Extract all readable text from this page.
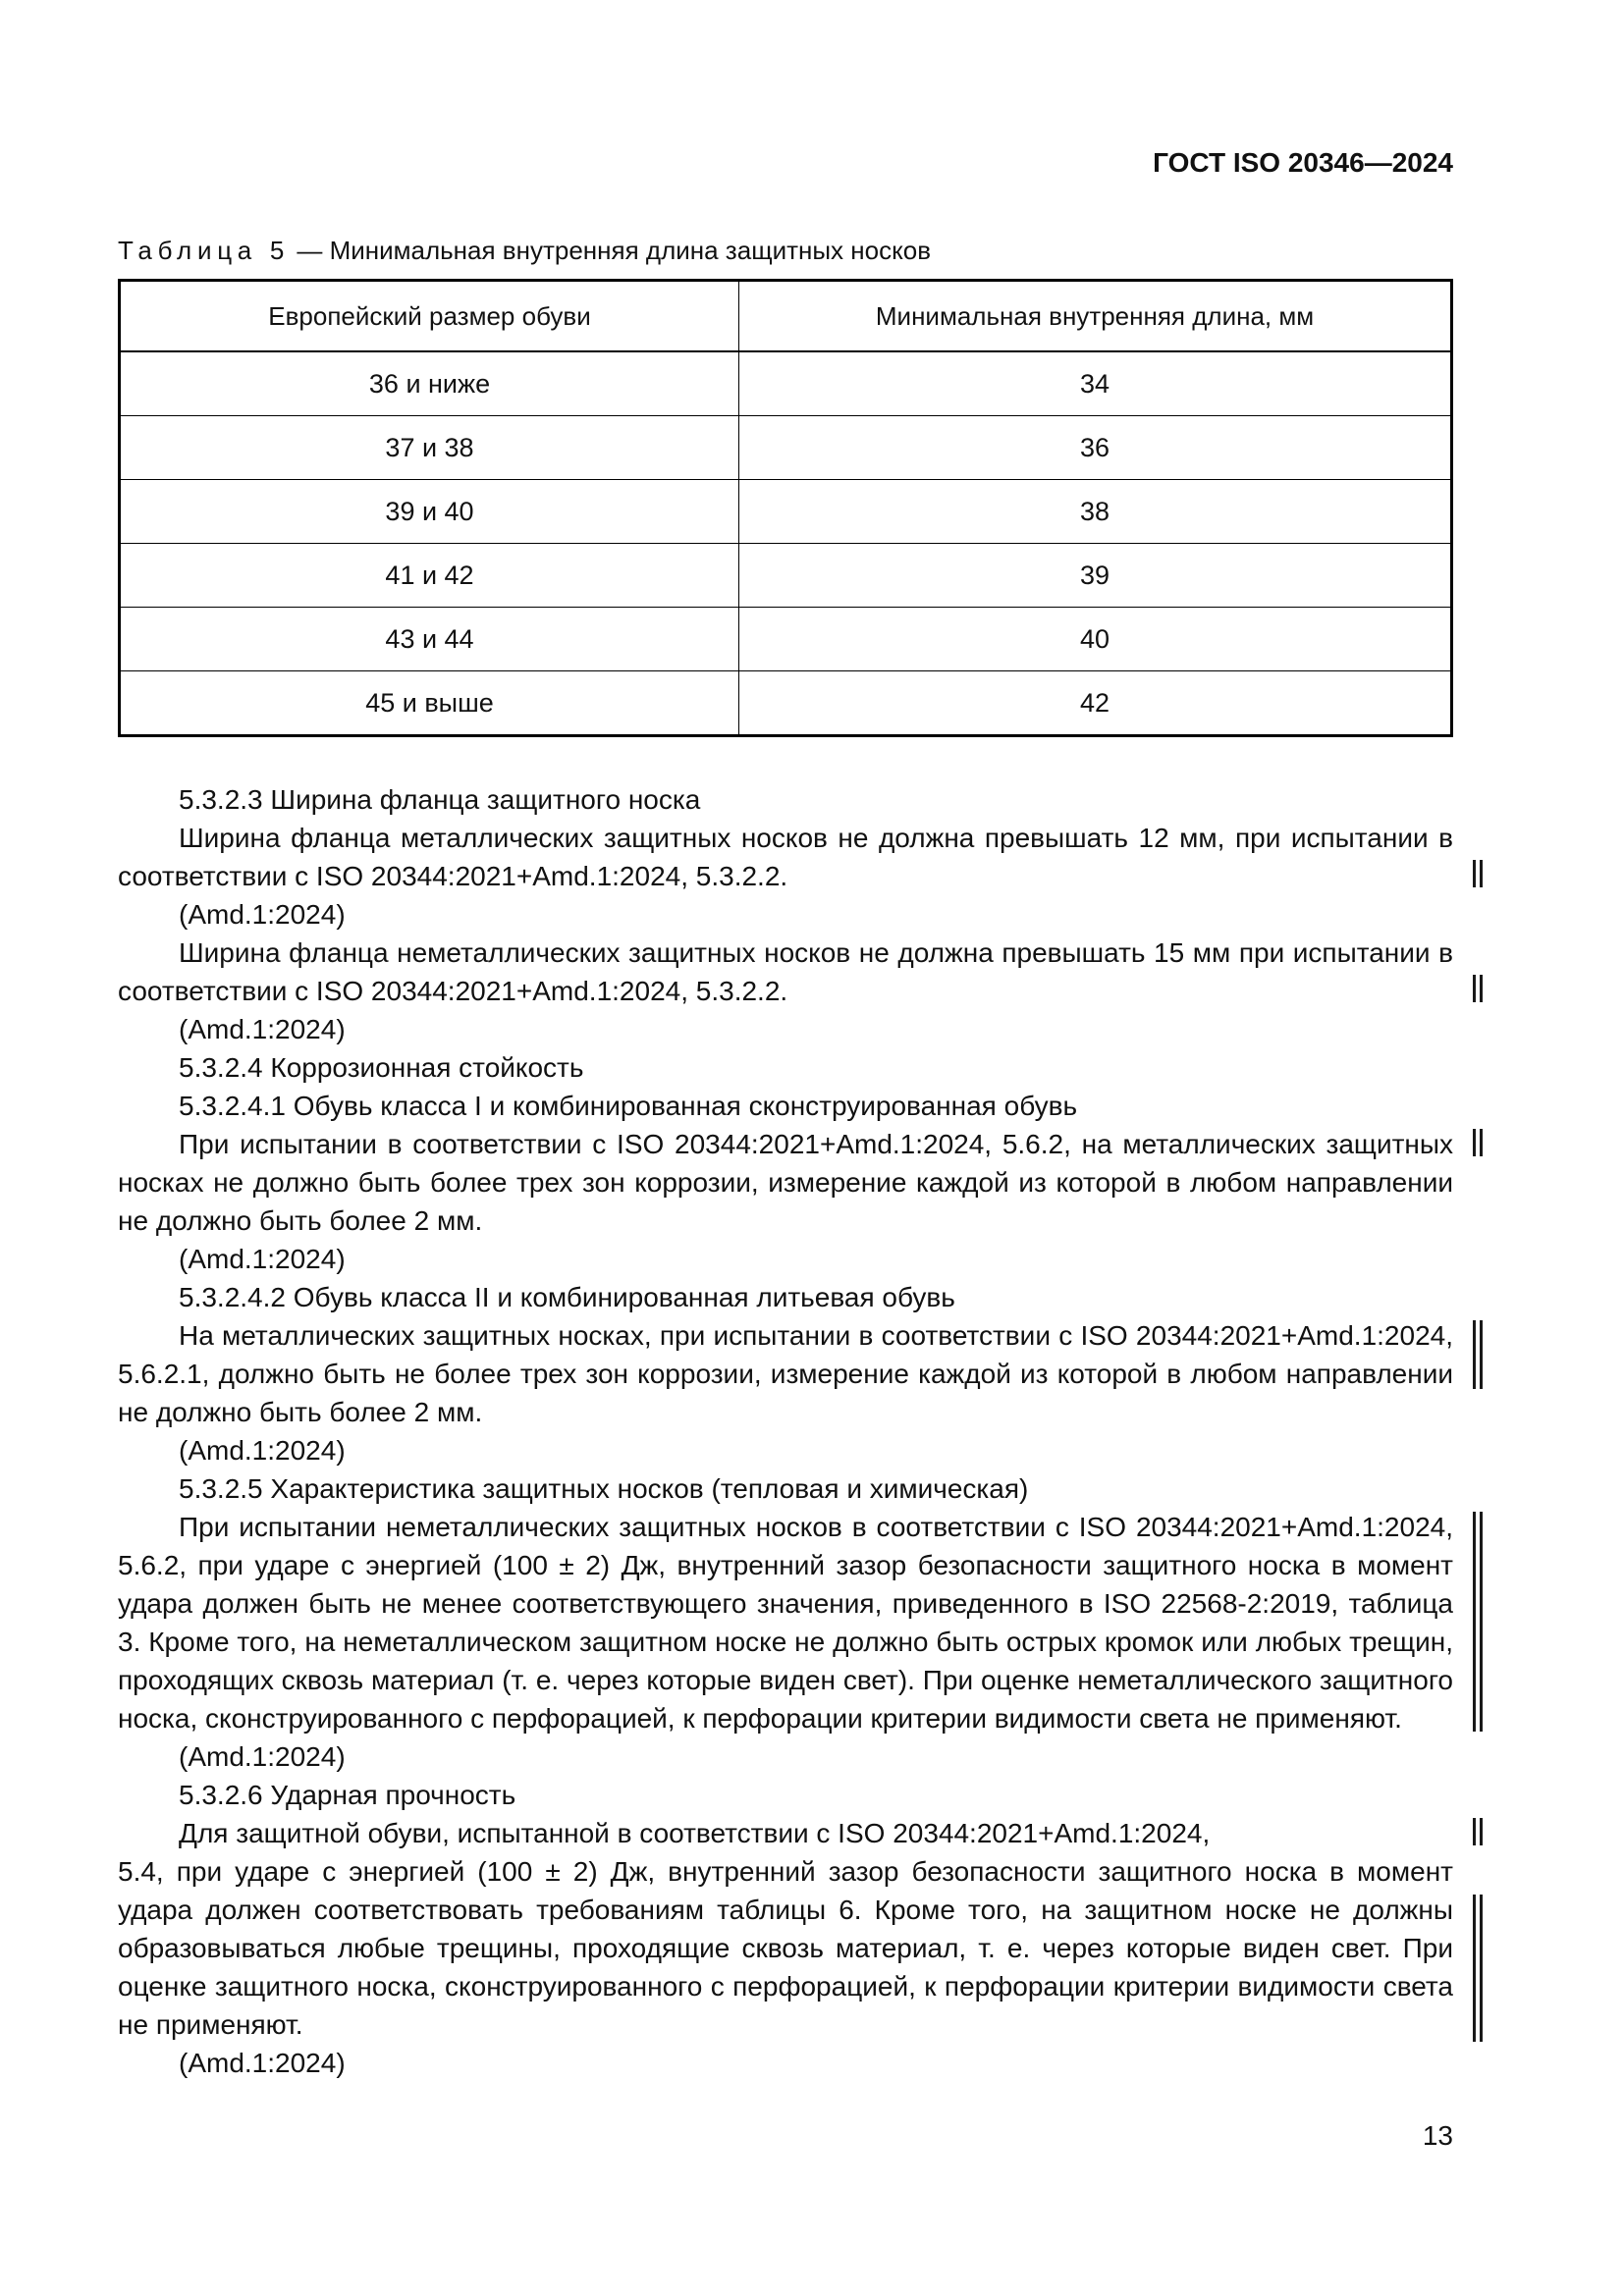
ГОСТ ISO 20346—2024
Таблица 5 — Минимальная внутренняя длина защитных носков
Европейский размер обуви	Минимальная внутренняя длина, мм
36 и ниже	34
37 и 38	36
39 и 40	38
41 и 42	39
43 и 44	40
45 и выше	42

5.3.2.3 Ширина фланца защитного носка

Ширина фланца металлических защитных носков не должна превышать 12 мм, при испытании в соответствии с ISO 20344:2021+Amd.1:2024, 5.3.2.2.

(Amd.1:2024)

Ширина фланца неметаллических защитных носков не должна превышать 15 мм при испытании в соответствии с ISO 20344:2021+Amd.1:2024, 5.3.2.2.

(Amd.1:2024)

5.3.2.4 Коррозионная стойкость

5.3.2.4.1 Обувь класса I и комбинированная сконструированная обувь

При испытании в соответствии с ISO 20344:2021+Amd.1:2024, 5.6.2, на металлических защитных носках не должно быть более трех зон коррозии, измерение каждой из которой в любом направлении не должно быть более 2 мм.

(Amd.1:2024)

5.3.2.4.2 Обувь класса II и комбинированная литьевая обувь

На металлических защитных носках, при испытании в соответствии с ISO 20344:2021+Amd.1:2024, 5.6.2.1, должно быть не более трех зон коррозии, измерение каждой из которой в любом направлении не должно быть более 2 мм.

(Amd.1:2024)

5.3.2.5 Характеристика защитных носков (тепловая и химическая)

При испытании неметаллических защитных носков в соответствии с ISO 20344:2021+Amd.1:2024, 5.6.2, при ударе с энергией (100 ± 2) Дж, внутренний зазор безопасности защитного носка в момент удара должен быть не менее соответствующего значения, приведенного в ISO 22568-2:2019, таблица 3. Кроме того, на неметаллическом защитном носке не должно быть острых кромок или любых трещин, проходящих сквозь материал (т. е. через которые виден свет). При оценке неметаллического защитного носка, сконструированного с перфорацией, к перфорации критерии видимости света не применяют.

(Amd.1:2024)

5.3.2.6 Ударная прочность

Для защитной обуви, испытанной в соответствии с ISO 20344:2021+Amd.1:2024,

5.4, при ударе с энергией (100 ± 2) Дж, внутренний зазор безопасности защитного носка в момент удара должен соответствовать требованиям таблицы 6. Кроме того, на защитном носке не должны образовываться любые трещины, проходящие сквозь материал, т. е. через которые виден свет. При оценке защитного носка, сконструированного с перфорацией, к перфорации критерии видимости света не применяют.

(Amd.1:2024)

13
